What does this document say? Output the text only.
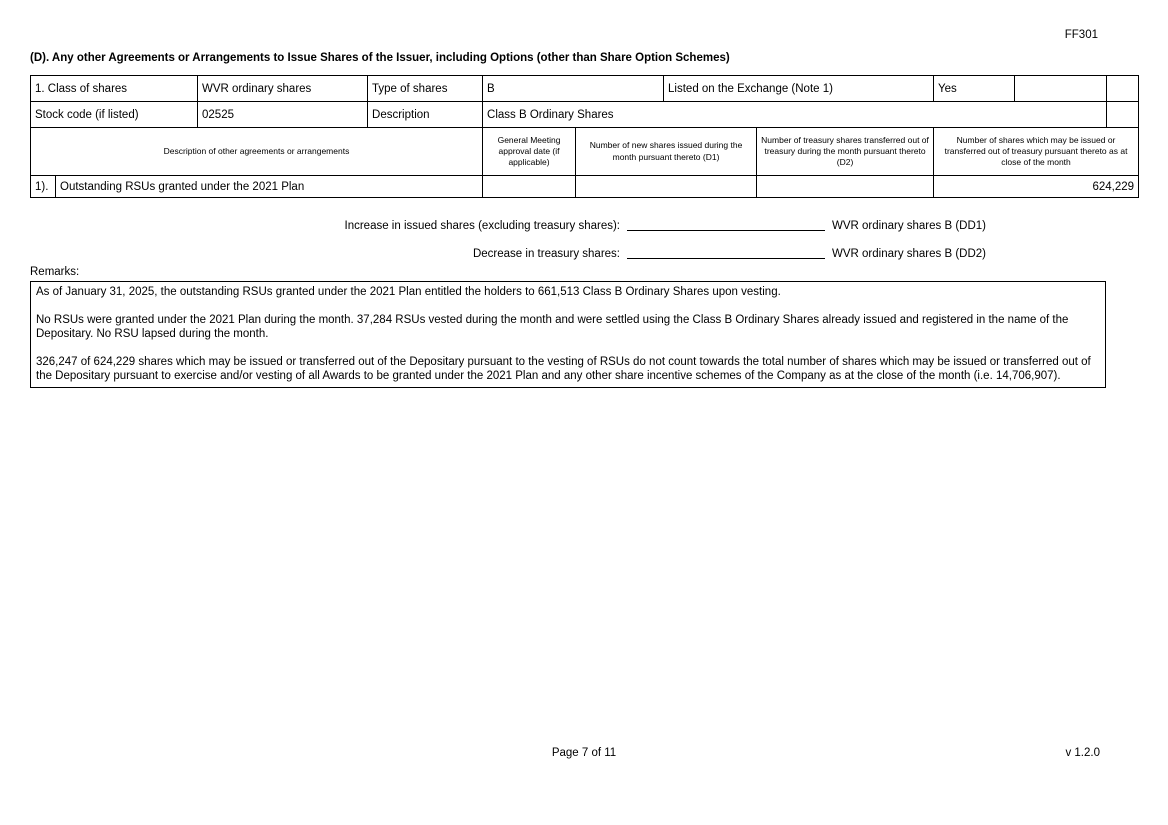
FF301
(D). Any other Agreements or Arrangements to Issue Shares of the Issuer, including Options (other than Share Option Schemes)
1. Class of shares		WVR ordinary shares	Type of shares	B		Listed on the Exchange (Note 1)		Yes		
Stock code (if listed)		02525	Description	Class B Ordinary Shares						
Description of other agreements or arrangements				General Meeting approval date (if applicable)	Number of new shares issued during the month pursuant thereto (D1)		Number of treasury shares transferred out of treasury during the month pursuant thereto (D2)	Number of shares which may be issued or transferred out of treasury pursuant thereto as at close of the month		
1).	Outstanding RSUs granted under the 2021 Plan							624,229		
Increase in issued shares (excluding treasury shares):	WVR ordinary shares B (DD1)
Decrease in treasury shares:	WVR ordinary shares B (DD2)
Remarks:

As of January 31, 2025, the outstanding RSUs granted under the 2021 Plan entitled the holders to 661,513 Class B Ordinary Shares upon vesting.

No RSUs were granted under the 2021 Plan during the month. 37,284 RSUs vested during the month and were settled using the Class B Ordinary Shares already issued and registered in the name of the Depositary. No RSU lapsed during the month.

326,247 of 624,229 shares which may be issued or transferred out of the Depositary pursuant to the vesting of RSUs do not count towards the total number of shares which may be issued or transferred out of the Depositary pursuant to exercise and/or vesting of all Awards to be granted under the 2021 Plan and any other share incentive schemes of the Company as at the close of the month (i.e. 14,706,907).

Page 7 of 11	v 1.2.0
